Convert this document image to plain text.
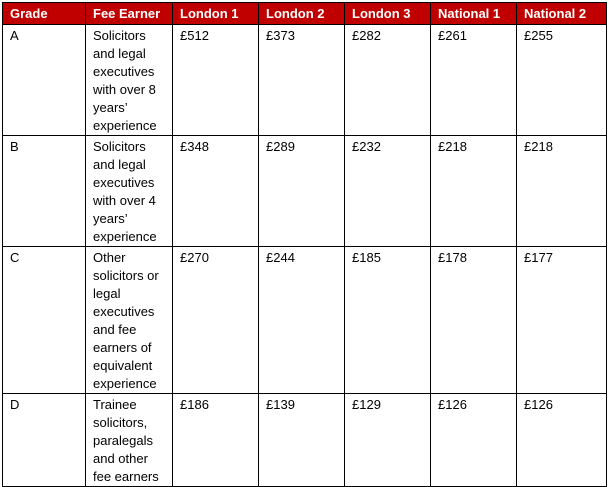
Grade	Fee Earner	London 1	London 2	London 3	National 1	National 2
A	Solicitors and legal executives with over 8 years’ experience	£512	£373	£282	£261	£255
B	Solicitors and legal executives with over 4 years’ experience	£348	£289	£232	£218	£218
C	Other solicitors or legal executives and fee earners of equivalent experience	£270	£244	£185	£178	£177
D	Trainee solicitors, paralegals and other fee earners	£186	£139	£129	£126	£126
